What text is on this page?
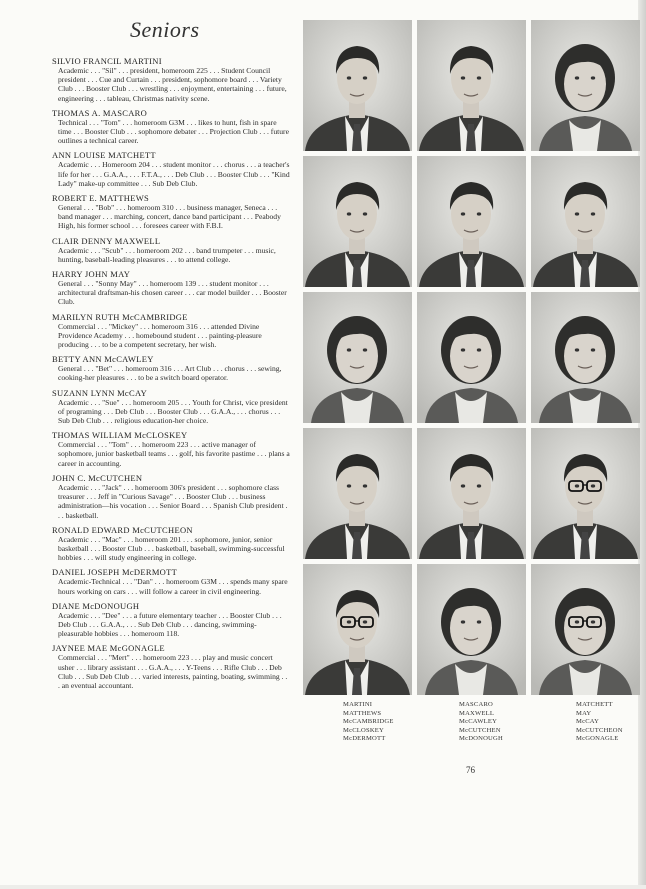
Seniors

SILVIO FRANCIL MARTINI

Academic . . . "Sil" . . . president, homeroom 225 . . . Student Council president . . . Cue and Curtain . . . president, sophomore board . . . Variety Club . . . Booster Club . . . wrestling . . . enjoyment, entertaining . . . future, engineering . . . tableau, Christmas nativity scene.

THOMAS A. MASCARO

Technical . . . "Tom" . . . homeroom G3M . . . likes to hunt, fish in spare time . . . Booster Club . . . sophomore debater . . . Projection Club . . . future outlines a technical career.

ANN LOUISE MATCHETT

Academic . . . Homeroom 204 . . . student monitor . . . chorus . . . a teacher's life for her . . . G.A.A., . . . F.T.A., . . . Deb Club . . . Booster Club . . . "Kind Lady" make-up committee . . . Sub Deb Club.

ROBERT E. MATTHEWS

General . . . "Bob" . . . homeroom 310 . . . business manager, Seneca . . . band manager . . . marching, concert, dance band participant . . . Peabody High, his former school . . . foresees career with F.B.I.

CLAIR DENNY MAXWELL

Academic . . . "Scub" . . . homeroom 202 . . . band trumpeter . . . music, hunting, baseball-leading pleasures . . . to attend college.

HARRY JOHN MAY

General . . . "Sonny May" . . . homeroom 139 . . . student monitor . . . architectural draftsman-his chosen career . . . car model builder . . . Booster Club.

MARILYN RUTH McCAMBRIDGE

Commercial . . . "Mickey" . . . homeroom 316 . . . attended Divine Providence Academy . . . homebound student . . . painting-pleasure producing . . . to be a competent secretary, her wish.

BETTY ANN McCAWLEY

General . . . "Bet" . . . homeroom 316 . . . Art Club . . . chorus . . . sewing, cooking-her pleasures . . . to be a switch board operator.

SUZANN LYNN McCAY

Academic . . . "Sue" . . . homeroom 205 . . . Youth for Christ, vice president of programing . . . Deb Club . . . Booster Club . . . G.A.A., . . . chorus . . . Sub Deb Club . . . religious education-her choice.

THOMAS WILLIAM McCLOSKEY

Commercial . . . "Tom" . . . homeroom 223 . . . active manager of sophomore, junior basketball teams . . . golf, his favorite pastime . . . plans a career in accounting.

JOHN C. McCUTCHEN

Academic . . . "Jack" . . . homeroom 306's president . . . sophomore class treasurer . . . Jeff in "Curious Savage" . . . Booster Club . . . business administration—his vocation . . . Senior Board . . . Spanish Club president . . . basketball.

RONALD EDWARD McCUTCHEON

Academic . . . "Mac" . . . homeroom 201 . . . sophomore, junior, senior basketball . . . Booster Club . . . basketball, baseball, swimming-successful hobbies . . . will study engineering in college.

DANIEL JOSEPH McDERMOTT

Academic-Technical . . . "Dan" . . . homeroom G3M . . . spends many spare hours working on cars . . . will follow a career in civil engineering.

DIANE McDONOUGH

Academic . . . "Dee" . . . a future elementary teacher . . . Booster Club . . . Deb Club . . . G.A.A., . . . Sub Deb Club . . . dancing, swimming-pleasurable hobbies . . . homeroom 118.

JAYNEE MAE McGONAGLE

Commercial . . . "Mert" . . . homeroom 223 . . . play and music concert usher . . . library assistant . . . G.A.A., . . . Y-Teens . . . Rifle Club . . . Deb Club . . . Sub Deb Club . . . varied interests, painting, boating, swimming . . . an eventual accountant.

MARTINI
MATTHEWS
McCAMBRIDGE
McCLOSKEY
McDERMOTT
MASCARO
MAXWELL
McCAWLEY
McCUTCHEN
McDONOUGH
MATCHETT
MAY
McCAY
McCUTCHEON
McGONAGLE
76
